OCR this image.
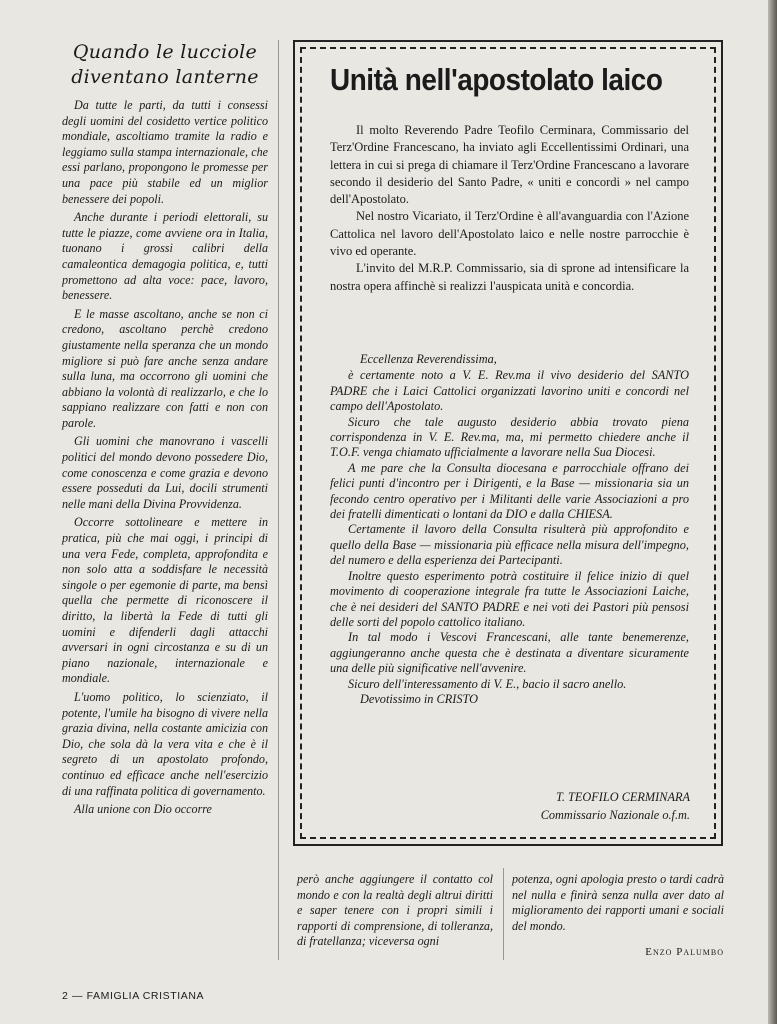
Quando le lucciole
diventano lanterne

Da tutte le parti, da tutti i consessi degli uomini del cosidetto vertice politico mondiale, ascoltiamo tramite la radio e leggiamo sulla stampa internazionale, che essi parlano, propongono le promesse per una pace più stabile ed un miglior benessere dei popoli.

Anche durante i periodi elettorali, su tutte le piazze, come avviene ora in Italia, tuonano i grossi calibri della camaleontica demagogia politica, e, tutti promettono ad alta voce: pace, lavoro, benessere.

E le masse ascoltano, anche se non ci credono, ascoltano perchè credono giustamente nella speranza che un mondo migliore si può fare anche senza andare sulla luna, ma occorrono gli uomini che abbiano la volontà di realizzarlo, e che lo sappiano realizzare con fatti e non con parole.

Gli uomini che manovrano i vascelli politici del mondo devono possedere Dio, come conoscenza e come grazia e devono essere posseduti da Lui, docili strumenti nelle mani della Divina Provvidenza.

Occorre sottolineare e mettere in pratica, più che mai oggi, i principi di una vera Fede, completa, approfondita e non solo atta a soddisfare le necessità singole o per egemonie di parte, ma bensì quella che permette di riconoscere il diritto, la libertà la Fede di tutti gli uomini e difenderli dagli attacchi avversari in ogni circostanza e su di un piano nazionale, internazionale e mondiale.

L'uomo politico, lo scienziato, il potente, l'umile ha bisogno di vivere nella grazia divina, nella costante amicizia con Dio, che sola dà la vera vita e che è il segreto di un apostolato profondo, continuo ed efficace anche nell'esercizio di una raffinata politica di governamento.

Alla unione con Dio occorre

Unità nell'apostolato laico

Il molto Reverendo Padre Teofilo Cerminara, Commissario del Terz'Ordine Francescano, ha inviato agli Eccellentissimi Ordinari, una lettera in cui si prega di chiamare il Terz'Ordine Francescano a lavorare secondo il desiderio del Santo Padre, « uniti e concordi » nel campo dell'Apostolato.

Nel nostro Vicariato, il Terz'Ordine è all'avanguardia con l'Azione Cattolica nel lavoro dell'Apostolato laico e nelle nostre parrocchie è vivo ed operante.

L'invito del M.R.P. Commissario, sia di sprone ad intensificare la nostra opera affinchè si realizzi l'auspicata unità e concordia.

Eccellenza Reverendissima,

è certamente noto a V. E. Rev.ma il vivo desiderio del SANTO PADRE che i Laici Cattolici organizzati lavorino uniti e concordi nel campo dell'Apostolato.

Sicuro che tale augusto desiderio abbia trovato piena corrispondenza in V. E. Rev.ma, ma, mi permetto chiedere anche il T.O.F. venga chiamato ufficialmente a lavorare nella Sua Diocesi.

A me pare che la Consulta diocesana e parrocchiale offrano dei felici punti d'incontro per i Dirigenti, e la Base — missionaria sia un fecondo centro operativo per i Militanti delle varie Associazioni a pro dei fratelli dimenticati o lontani da DIO e dalla CHIESA.

Certamente il lavoro della Consulta risulterà più approfondito e quello della Base — missionaria più efficace nella misura dell'impegno, del numero e della esperienza dei Partecipanti.

Inoltre questo esperimento potrà costituire il felice inizio di quel movimento di cooperazione integrale fra tutte le Associazioni Laiche, che è nei desideri del SANTO PADRE e nei voti dei Pastori più pensosi delle sorti del popolo cattolico italiano.

In tal modo i Vescovi Francescani, alle tante benemerenze, aggiungeranno anche questa che è destinata a diventare sicuramente una delle più significative nell'avvenire.

Sicuro dell'interessamento di V. E., bacio il sacro anello.

Devotissimo in CRISTO

T. TEOFILO CERMINARA
Commissario Nazionale o.f.m.

però anche aggiungere il contatto col mondo e con la realtà degli altrui diritti e saper tenere con i propri simili i rapporti di comprensione, di tolleranza, di fratellanza; viceversa ogni

potenza, ogni apologia presto o tardi cadrà nel nulla e finirà senza nulla aver dato al miglioramento dei rapporti umani e sociali del mondo.

Enzo Palumbo
2 — FAMIGLIA CRISTIANA
